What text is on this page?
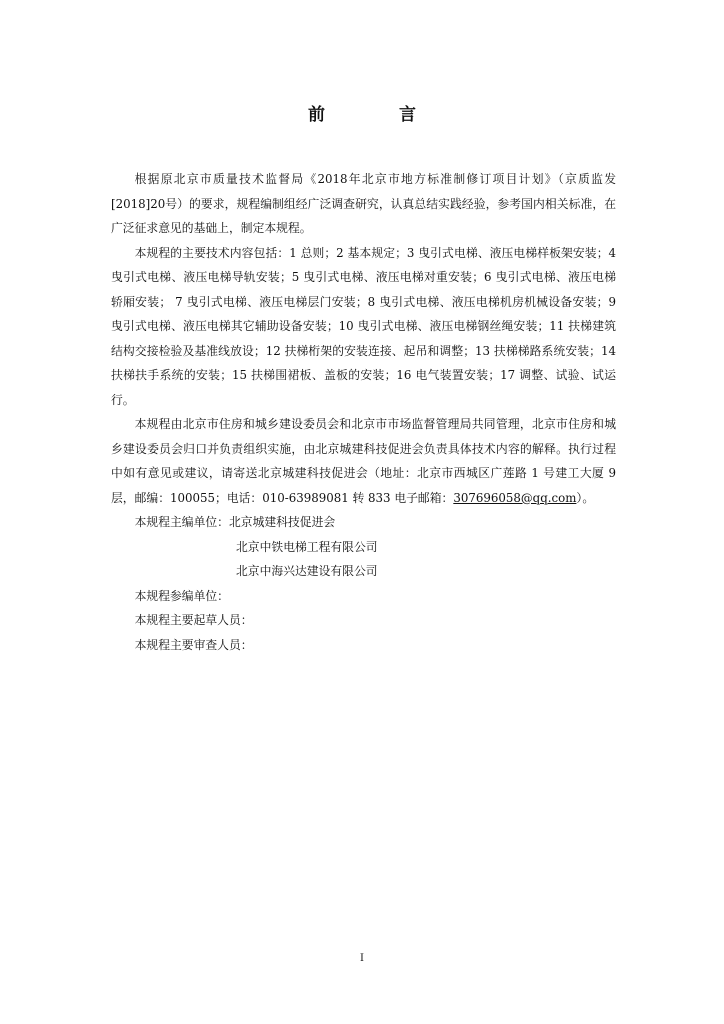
前 言

根据原北京市质量技术监督局《2018年北京市地方标准制修订项目计划》（京质监发[2018]20号）的要求，规程编制组经广泛调查研究，认真总结实践经验，参考国内相关标准，在广泛征求意见的基础上，制定本规程。

本规程的主要技术内容包括：1 总则；2 基本规定；3 曳引式电梯、液压电梯样板架安装；4 曳引式电梯、液压电梯导轨安装；5 曳引式电梯、液压电梯对重安装；6 曳引式电梯、液压电梯轿厢安装； 7 曳引式电梯、液压电梯层门安装；8 曳引式电梯、液压电梯机房机械设备安装；9 曳引式电梯、液压电梯其它辅助设备安装；10 曳引式电梯、液压电梯钢丝绳安装；11 扶梯建筑结构交接检验及基准线放设；12 扶梯桁架的安装连接、起吊和调整；13 扶梯梯路系统安装；14 扶梯扶手系统的安装；15 扶梯围裙板、盖板的安装；16 电气装置安装；17 调整、试验、试运行。

本规程由北京市住房和城乡建设委员会和北京市市场监督管理局共同管理，北京市住房和城乡建设委员会归口并负责组织实施，由北京城建科技促进会负责具体技术内容的解释。执行过程中如有意见或建议，请寄送北京城建科技促进会（地址：北京市西城区广莲路 1 号建工大厦 9 层，邮编：100055；电话：010-63989081 转 833 电子邮箱：307696058@qq.com）。

本规程主编单位：北京城建科技促进会

北京中铁电梯工程有限公司

北京中海兴达建设有限公司

本规程参编单位：

本规程主要起草人员：

本规程主要审查人员：

I
